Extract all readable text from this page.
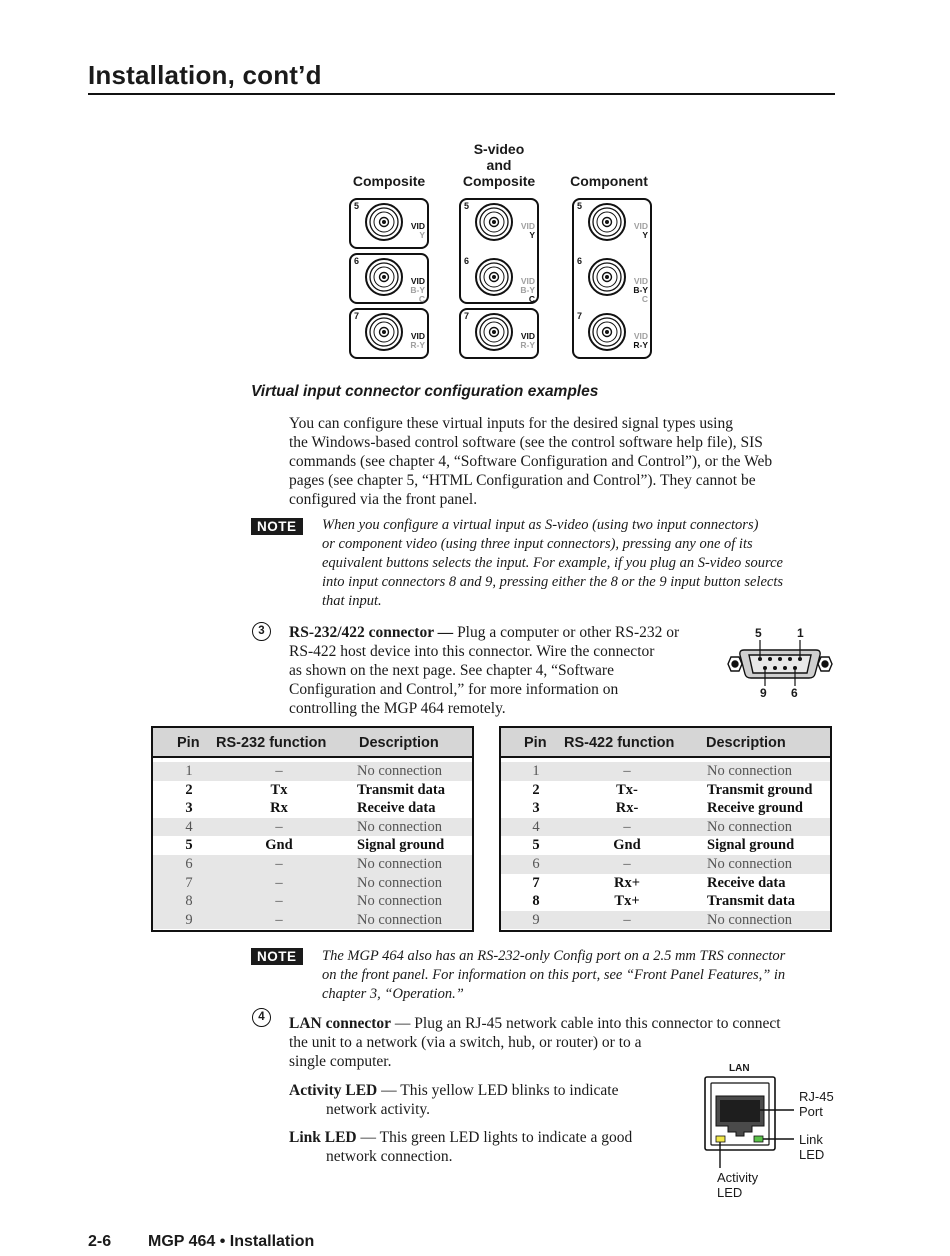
Installation, cont’d
Composite
S-video
and
Composite	Component
5
6
7
5
6
7
5
6
7
VID
Y
VID
B-Y
C
VID
R-Y
VID
Y
VID
B-Y
C
VID
R-Y
VID
Y
VID
B-Y
C
VID
R-Y
Virtual input connector configuration examples
You can configure these virtual inputs for the desired signal types using
the Windows-based control software (see the control software help file), SIS
commands (see chapter 4, “Software Configuration and Control”), or the Web
pages (see chapter 5, “HTML Configuration and Control”). They cannot be
configured via the front panel.
NOTE	When you configure a virtual input as S-video (using two input connectors)
or component video (using three input connectors), pressing any one of its
equivalent buttons selects the input. For example, if you plug an S-video source
into input connectors 8 and 9, pressing either the 8 or the 9 input button selects
that input.
3	RS-232/422 connector — Plug a computer or other RS-232 or
RS-422 host device into this connector. Wire the connector
as shown on the next page. See chapter 4, “Software
Configuration and Control,” for more information on
controlling the MGP 464 remotely.
5	1
9 6
Pin RS-232 function Description
1	–	No connection
2	Tx	Transmit data
3	Rx	Receive data
4	–	No connection
5	Gnd	Signal ground
6	–	No connection
7	–	No connection
8	–	No connection
9	–	No connection
Pin RS-422 function Description
1	–	No connection
2	Tx-	Transmit ground
3	Rx-	Receive ground
4	–	No connection
5	Gnd	Signal ground
6	–	No connection
7	Rx+	Receive data
8	Tx+	Transmit data
9	–	No connection
NOTE	The MGP 464 also has an RS-232-only Config port on a 2.5 mm TRS connector
on the front panel. For information on this port, see “Front Panel Features,” in
chapter 3, “Operation.”
4	LAN connector — Plug an RJ-45 network cable into this connector to connect
the unit to a network (via a switch, hub, or router) or to a
single computer.
Activity LED — This yellow LED blinks to indicate
network activity.
Link LED — This green LED lights to indicate a good
network connection.
LAN
RJ-45
Port
Link
LED
Activity
LED
2-6 MGP 464 • Installation
